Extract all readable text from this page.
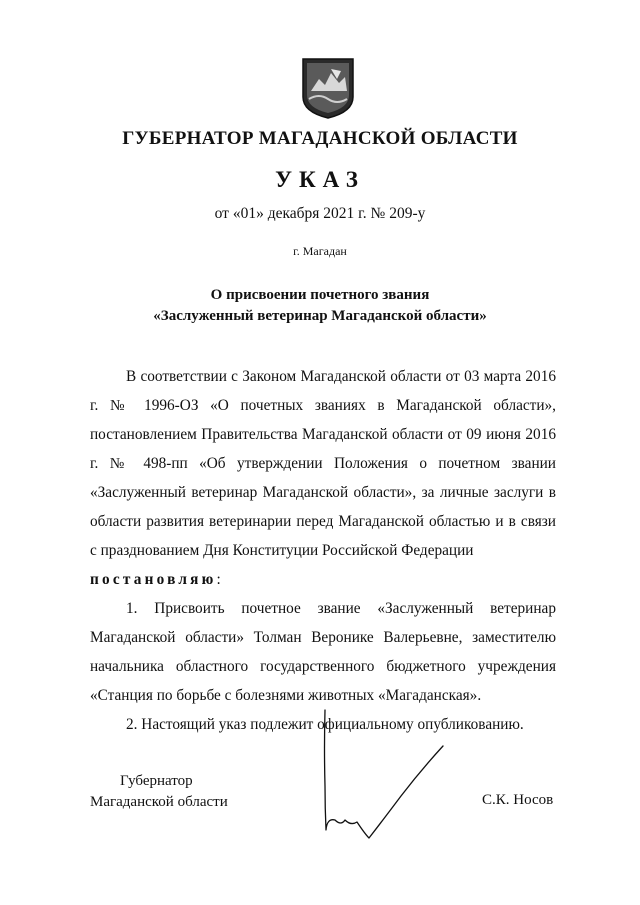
ГУБЕРНАТОР МАГАДАНСКОЙ ОБЛАСТИ
УКАЗ
от «01» декабря 2021 г. № 209-у
г. Магадан
О присвоении почетного звания
«Заслуженный ветеринар Магаданской области»

В соответствии с Законом Магаданской области от 03 марта 2016 г. № 1996-ОЗ «О почетных званиях в Магаданской области», постановлением Правительства Магаданской области от 09 июня 2016 г. № 498-пп «Об утверждении Положения о почетном звании «Заслуженный ветеринар Магаданской области», за личные заслуги в области развития ветеринарии перед Магаданской областью и в связи с празднованием Дня Конституции Российской Федерации

постановляю:

1. Присвоить почетное звание «Заслуженный ветеринар Магаданской области» Толман Веронике Валерьевне, заместителю начальника областного государственного бюджетного учреждения «Станция по борьбе с болезнями животных «Магаданская».

2. Настоящий указ подлежит официальному опубликованию.

Губернатор
Магаданской области	С.К. Носов
